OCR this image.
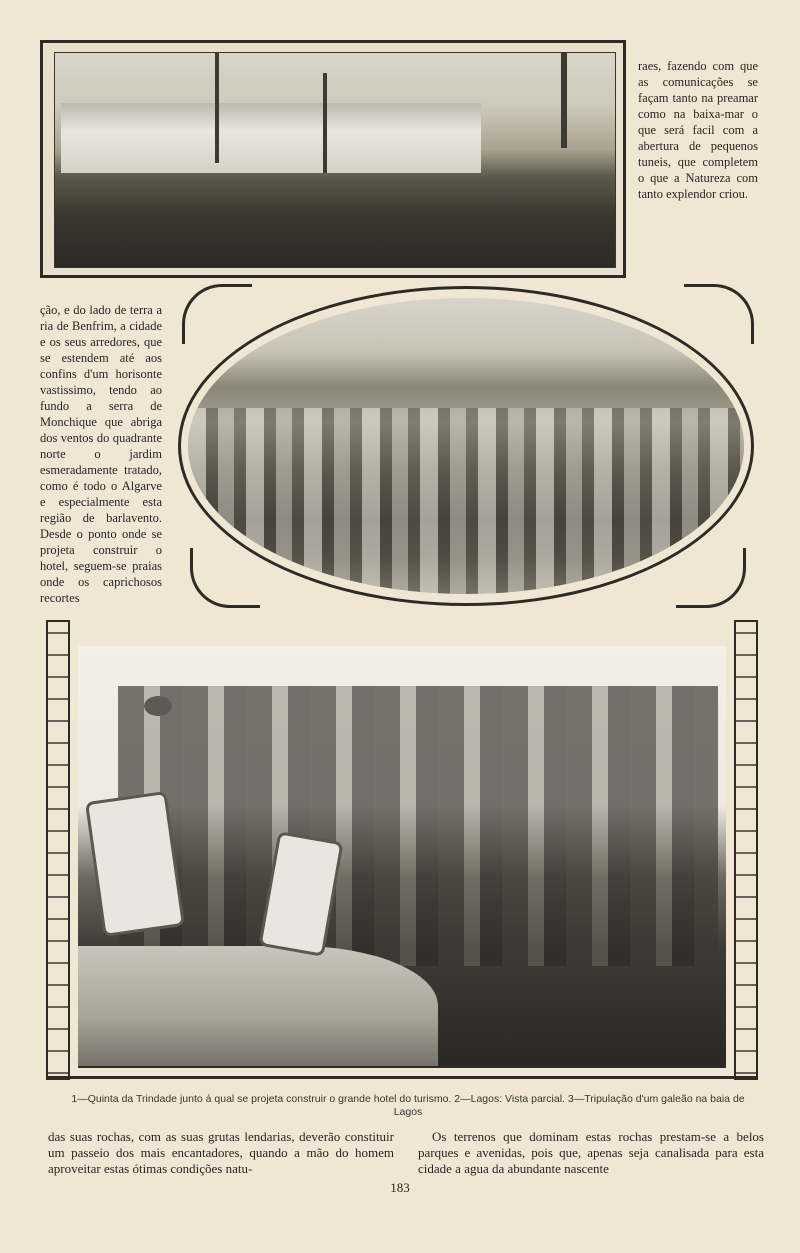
raes, fazendo com que as comunicações se façam tanto na preamar como na baixa-mar o que será facil com a abertura de pequenos tuneis, que completem o que a Natureza com tanto explendor criou.

ção, e do lado de terra a ria de Benfrim, a cidade e os seus arredores, que se estendem até aos confins d'um horisonte vastissimo, tendo ao fundo a serra de Monchique que abriga dos ventos do quadrante norte o jardim esmeradamente tratado, como é todo o Algarve e especialmente esta região de barlavento. Desde o ponto onde se projeta construir o hotel, seguem-se praias onde os caprichosos recortes

1—Quinta da Trindade junto á qual se projeta construir o grande hotel do turismo. 2—Lagos: Vista parcial. 3—Tripulação d'um galeão na baia de Lagos

das suas rochas, com as suas grutas lendarias, deverão constituir um passeio dos mais encantadores, quando a mão do homem aproveitar estas ótimas condições natu-

Os terrenos que dominam estas rochas prestam-se a belos parques e avenidas, pois que, apenas seja canalisada para esta cidade a agua da abundante nascente

183
